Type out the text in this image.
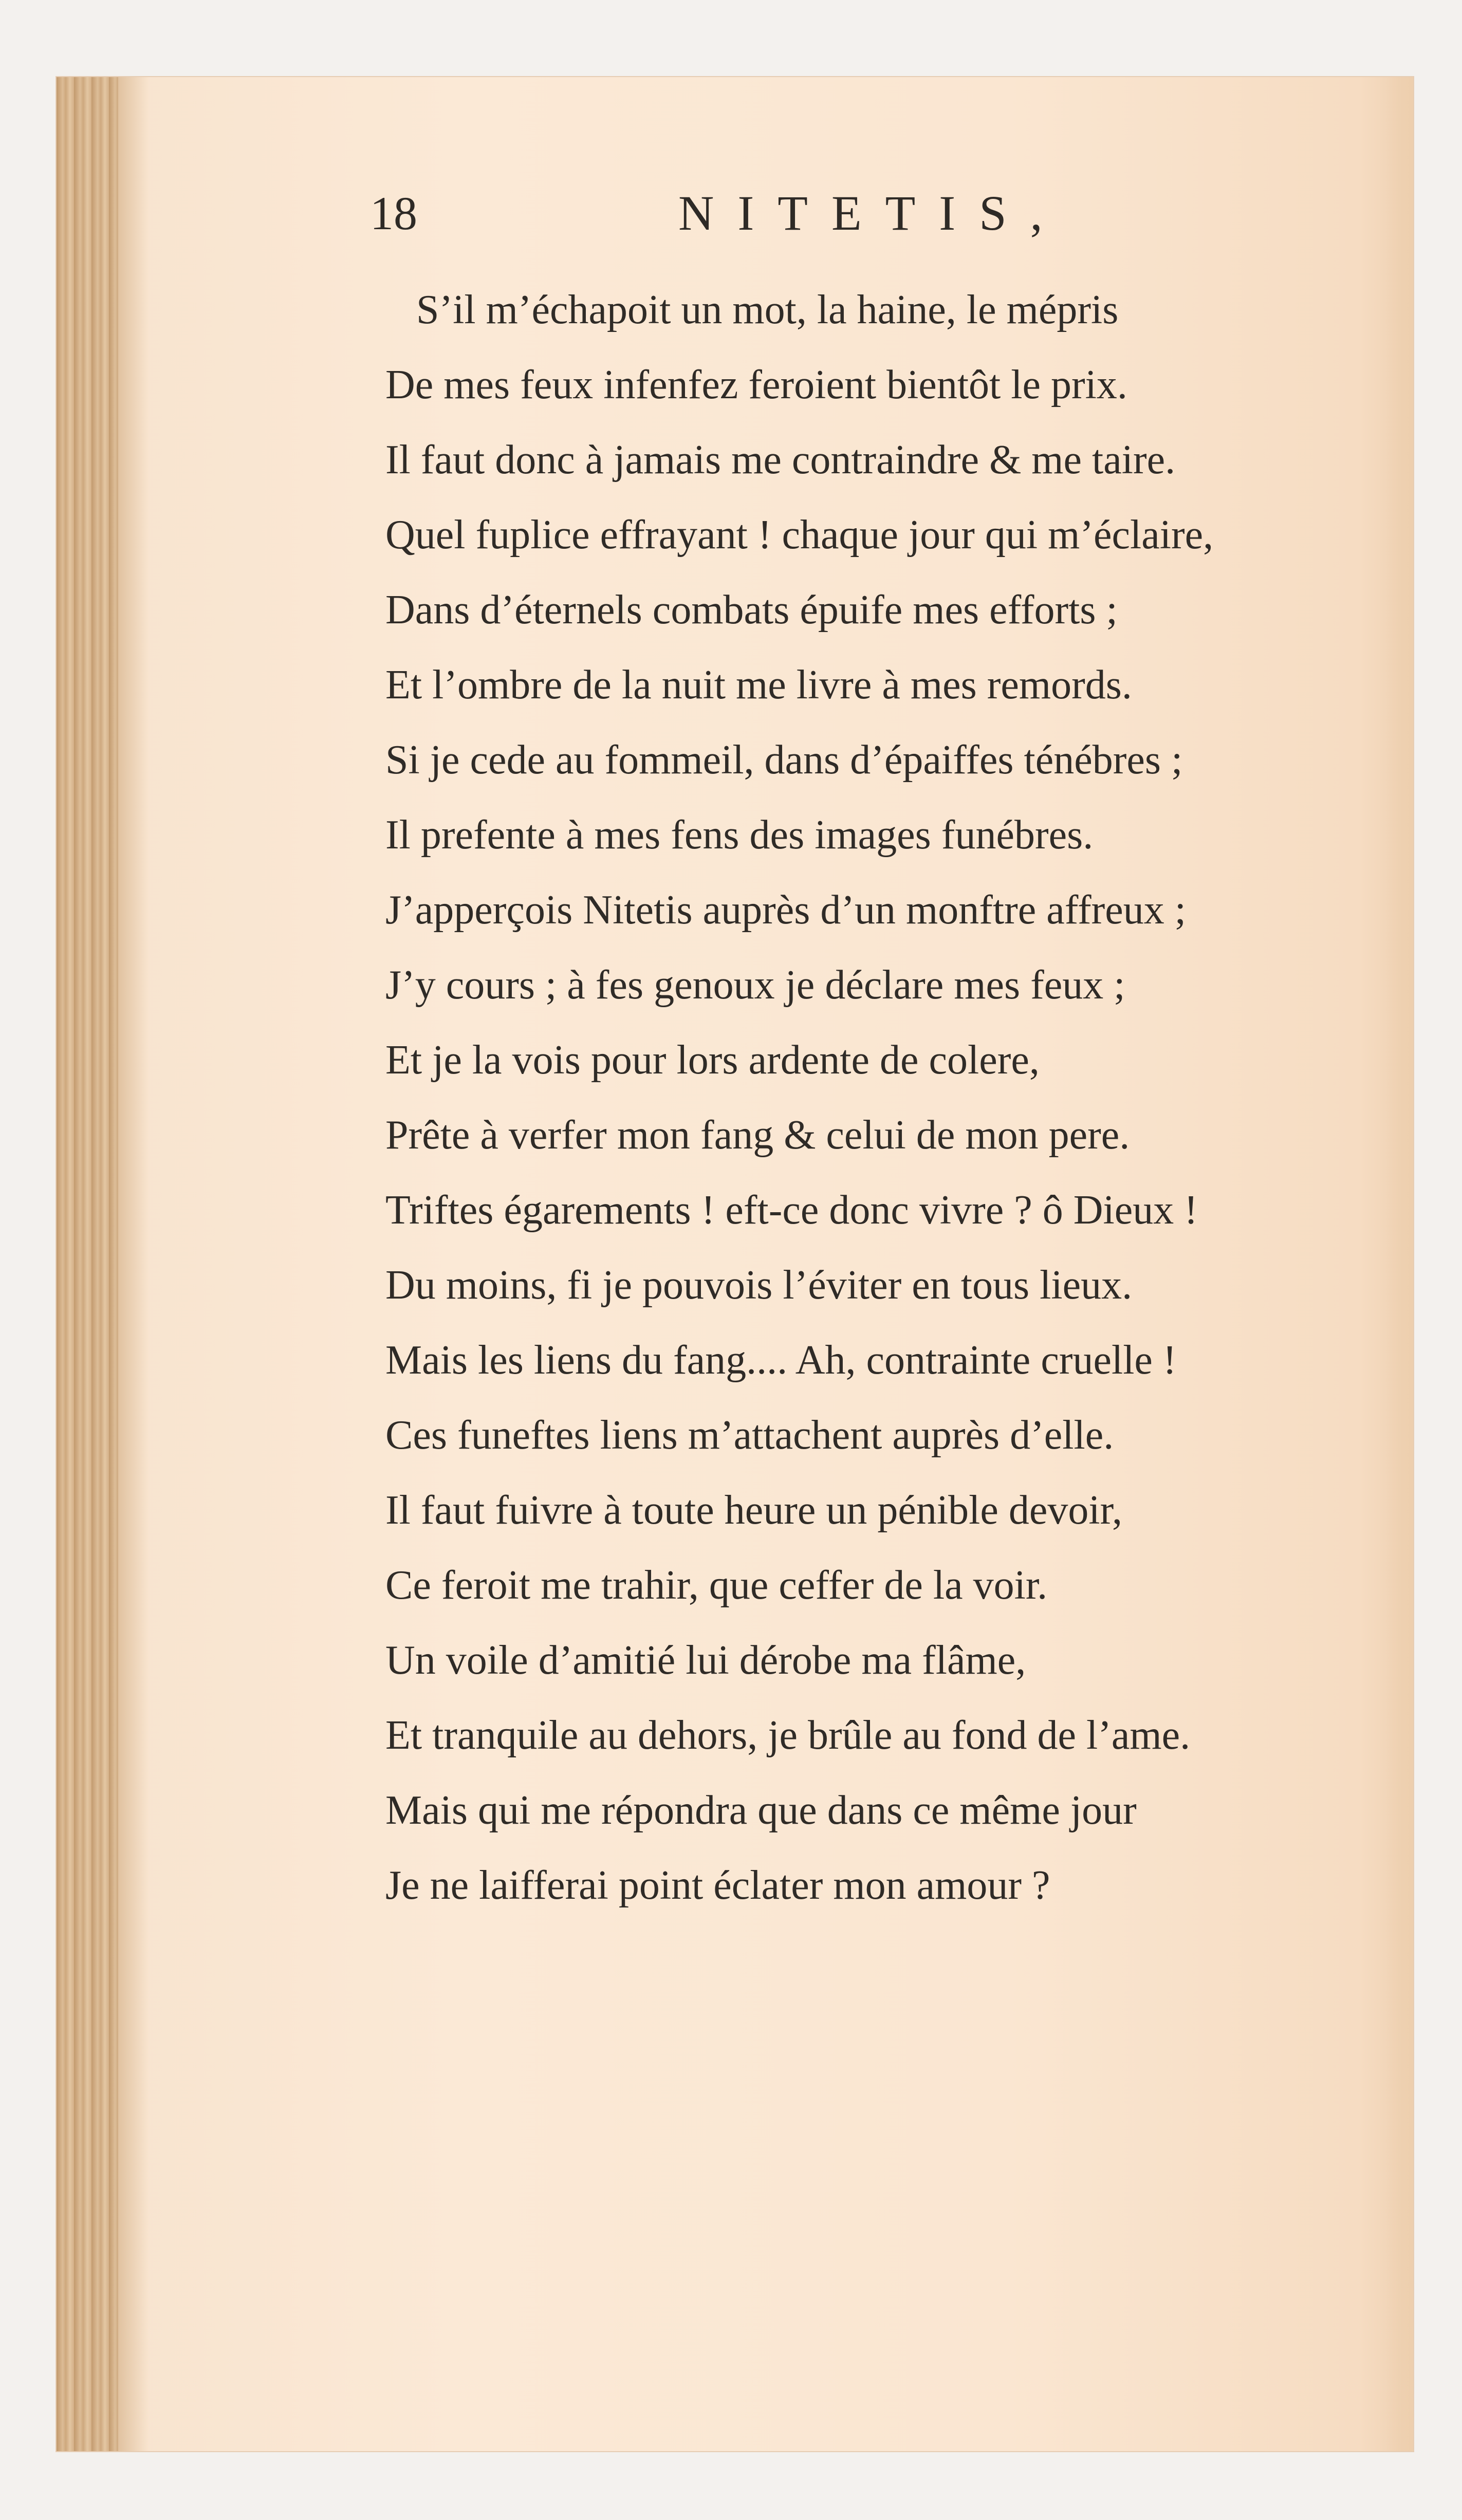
18	NITETIS,
S’il m’échapoit un mot, la haine, le mépris
De mes feux infenfez feroient bientôt le prix.
Il faut donc à jamais me contraindre & me taire.
Quel fuplice effrayant ! chaque jour qui m’éclaire,
Dans d’éternels combats épuife mes efforts ;
Et l’ombre de la nuit me livre à mes remords.
Si je cede au fommeil, dans d’épaiffes ténébres ;
Il prefente à mes fens des images funébres.
J’apperçois Nitetis auprès d’un monftre affreux ;
J’y cours ; à fes genoux je déclare mes feux ;
Et je la vois pour lors ardente de colere,
Prête à verfer mon fang & celui de mon pere.
Triftes égarements ! eft-ce donc vivre ? ô Dieux !
Du moins, fi je pouvois l’éviter en tous lieux.
Mais les liens du fang.... Ah, contrainte cruelle !
Ces funeftes liens m’attachent auprès d’elle.
Il faut fuivre à toute heure un pénible devoir,
Ce feroit me trahir, que ceffer de la voir.
Un voile d’amitié lui dérobe ma flâme,
Et tranquile au dehors, je brûle au fond de l’ame.
Mais qui me répondra que dans ce même jour
Je ne laifferai point éclater mon amour ?
